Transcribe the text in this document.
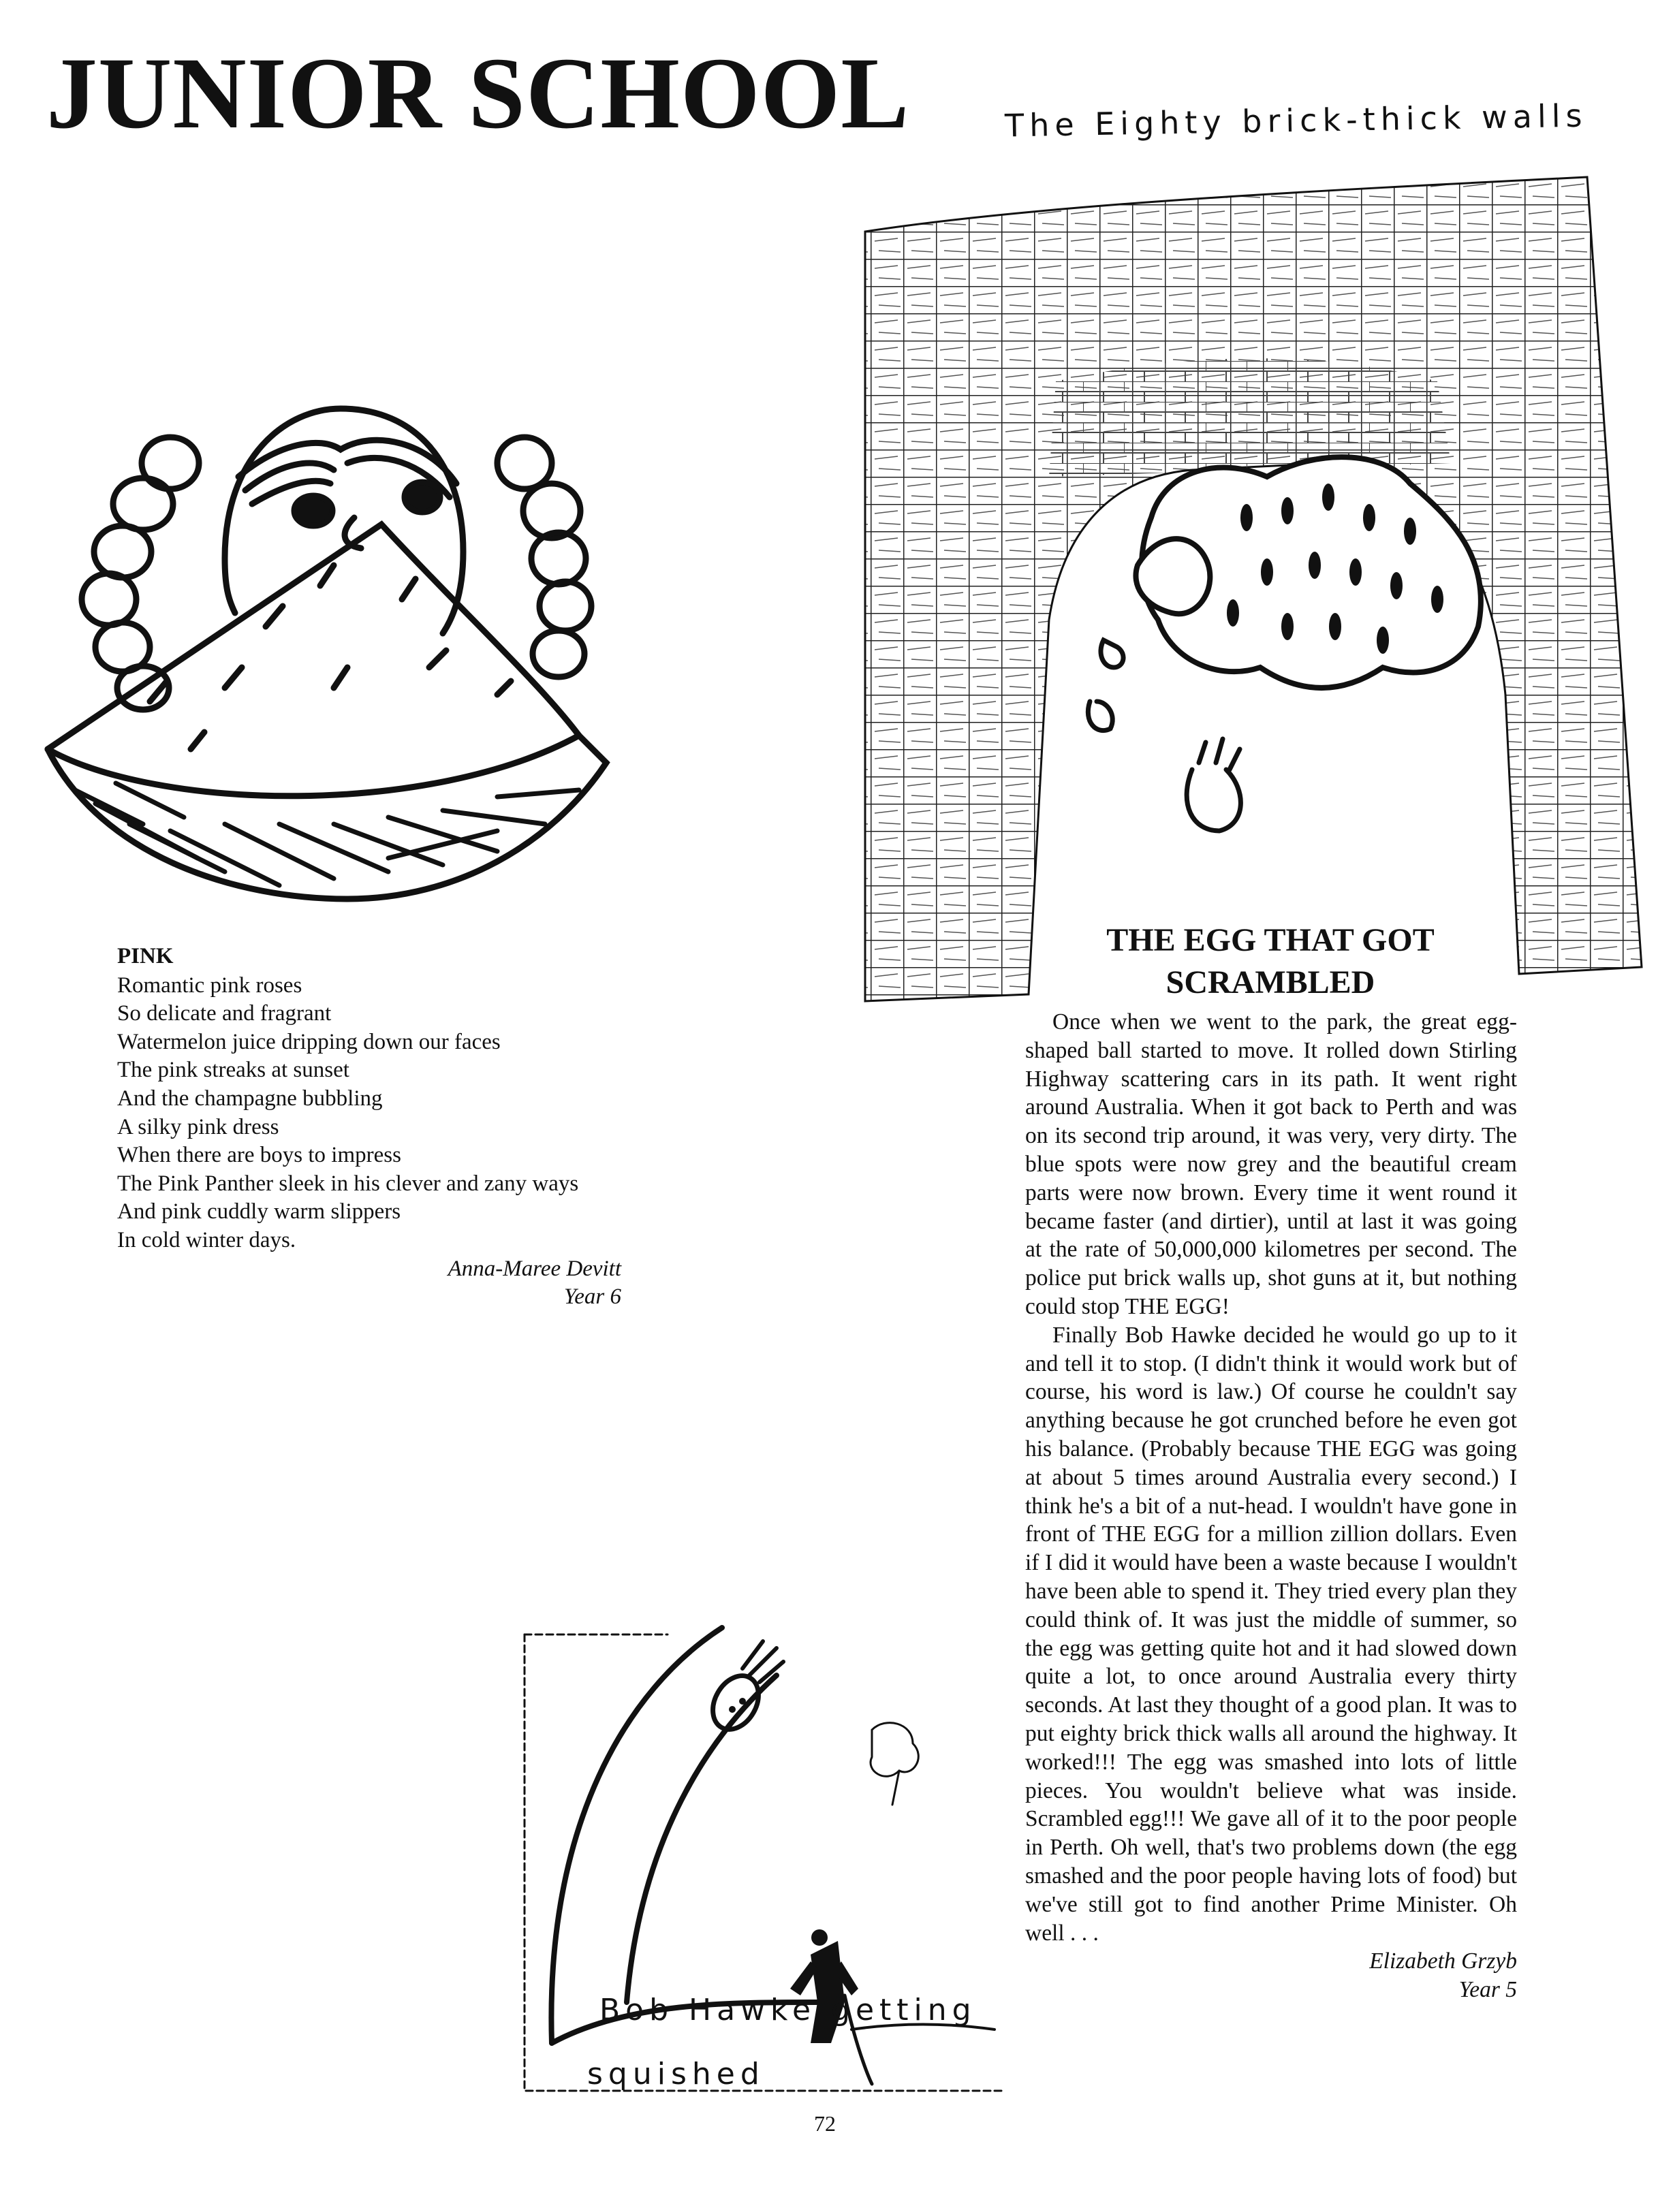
JUNIOR SCHOOL	The Eighty brick-thick walls
PINK
Romantic pink roses
So delicate and fragrant
Watermelon juice dripping down our faces
The pink streaks at sunset
And the champagne bubbling
A silky pink dress
When there are boys to impress
The Pink Panther sleek in his clever and zany ways
And pink cuddly warm slippers
In cold winter days.
Anna-Maree Devitt
Year 6
THE EGG THAT GOT SCRAMBLED

Once when we went to the park, the great egg-shaped ball started to move. It rolled down Stirling Highway scattering cars in its path. It went right around Australia. When it got back to Perth and was on its second trip around, it was very, very dirty. The blue spots were now grey and the beautiful cream parts were now brown. Every time it went round it became faster (and dirtier), until at last it was going at the rate of 50,000,000 kilometres per second. The police put brick walls up, shot guns at it, but nothing could stop THE EGG!

Finally Bob Hawke decided he would go up to it and tell it to stop. (I didn't think it would work but of course, his word is law.) Of course he couldn't say anything because he got crunched before he even got his balance. (Probably because THE EGG was going at about 5 times around Australia every second.) I think he's a bit of a nut-head. I wouldn't have gone in front of THE EGG for a million zillion dollars. Even if I did it would have been a waste because I wouldn't have been able to spend it. They tried every plan they could think of. It was just the middle of summer, so the egg was getting quite hot and it had slowed down quite a lot, to once around Australia every thirty seconds. At last they thought of a good plan. It was to put eighty brick thick walls all around the highway. It worked!!! The egg was smashed into lots of little pieces. You wouldn't believe what was inside. Scrambled egg!!! We gave all of it to the poor people in Perth. Oh well, that's two problems down (the egg smashed and the poor people having lots of food) but we've still got to find another Prime Minister. Oh well . . .

Elizabeth Grzyb
Year 5
Bob Hawke getting
squished
72
